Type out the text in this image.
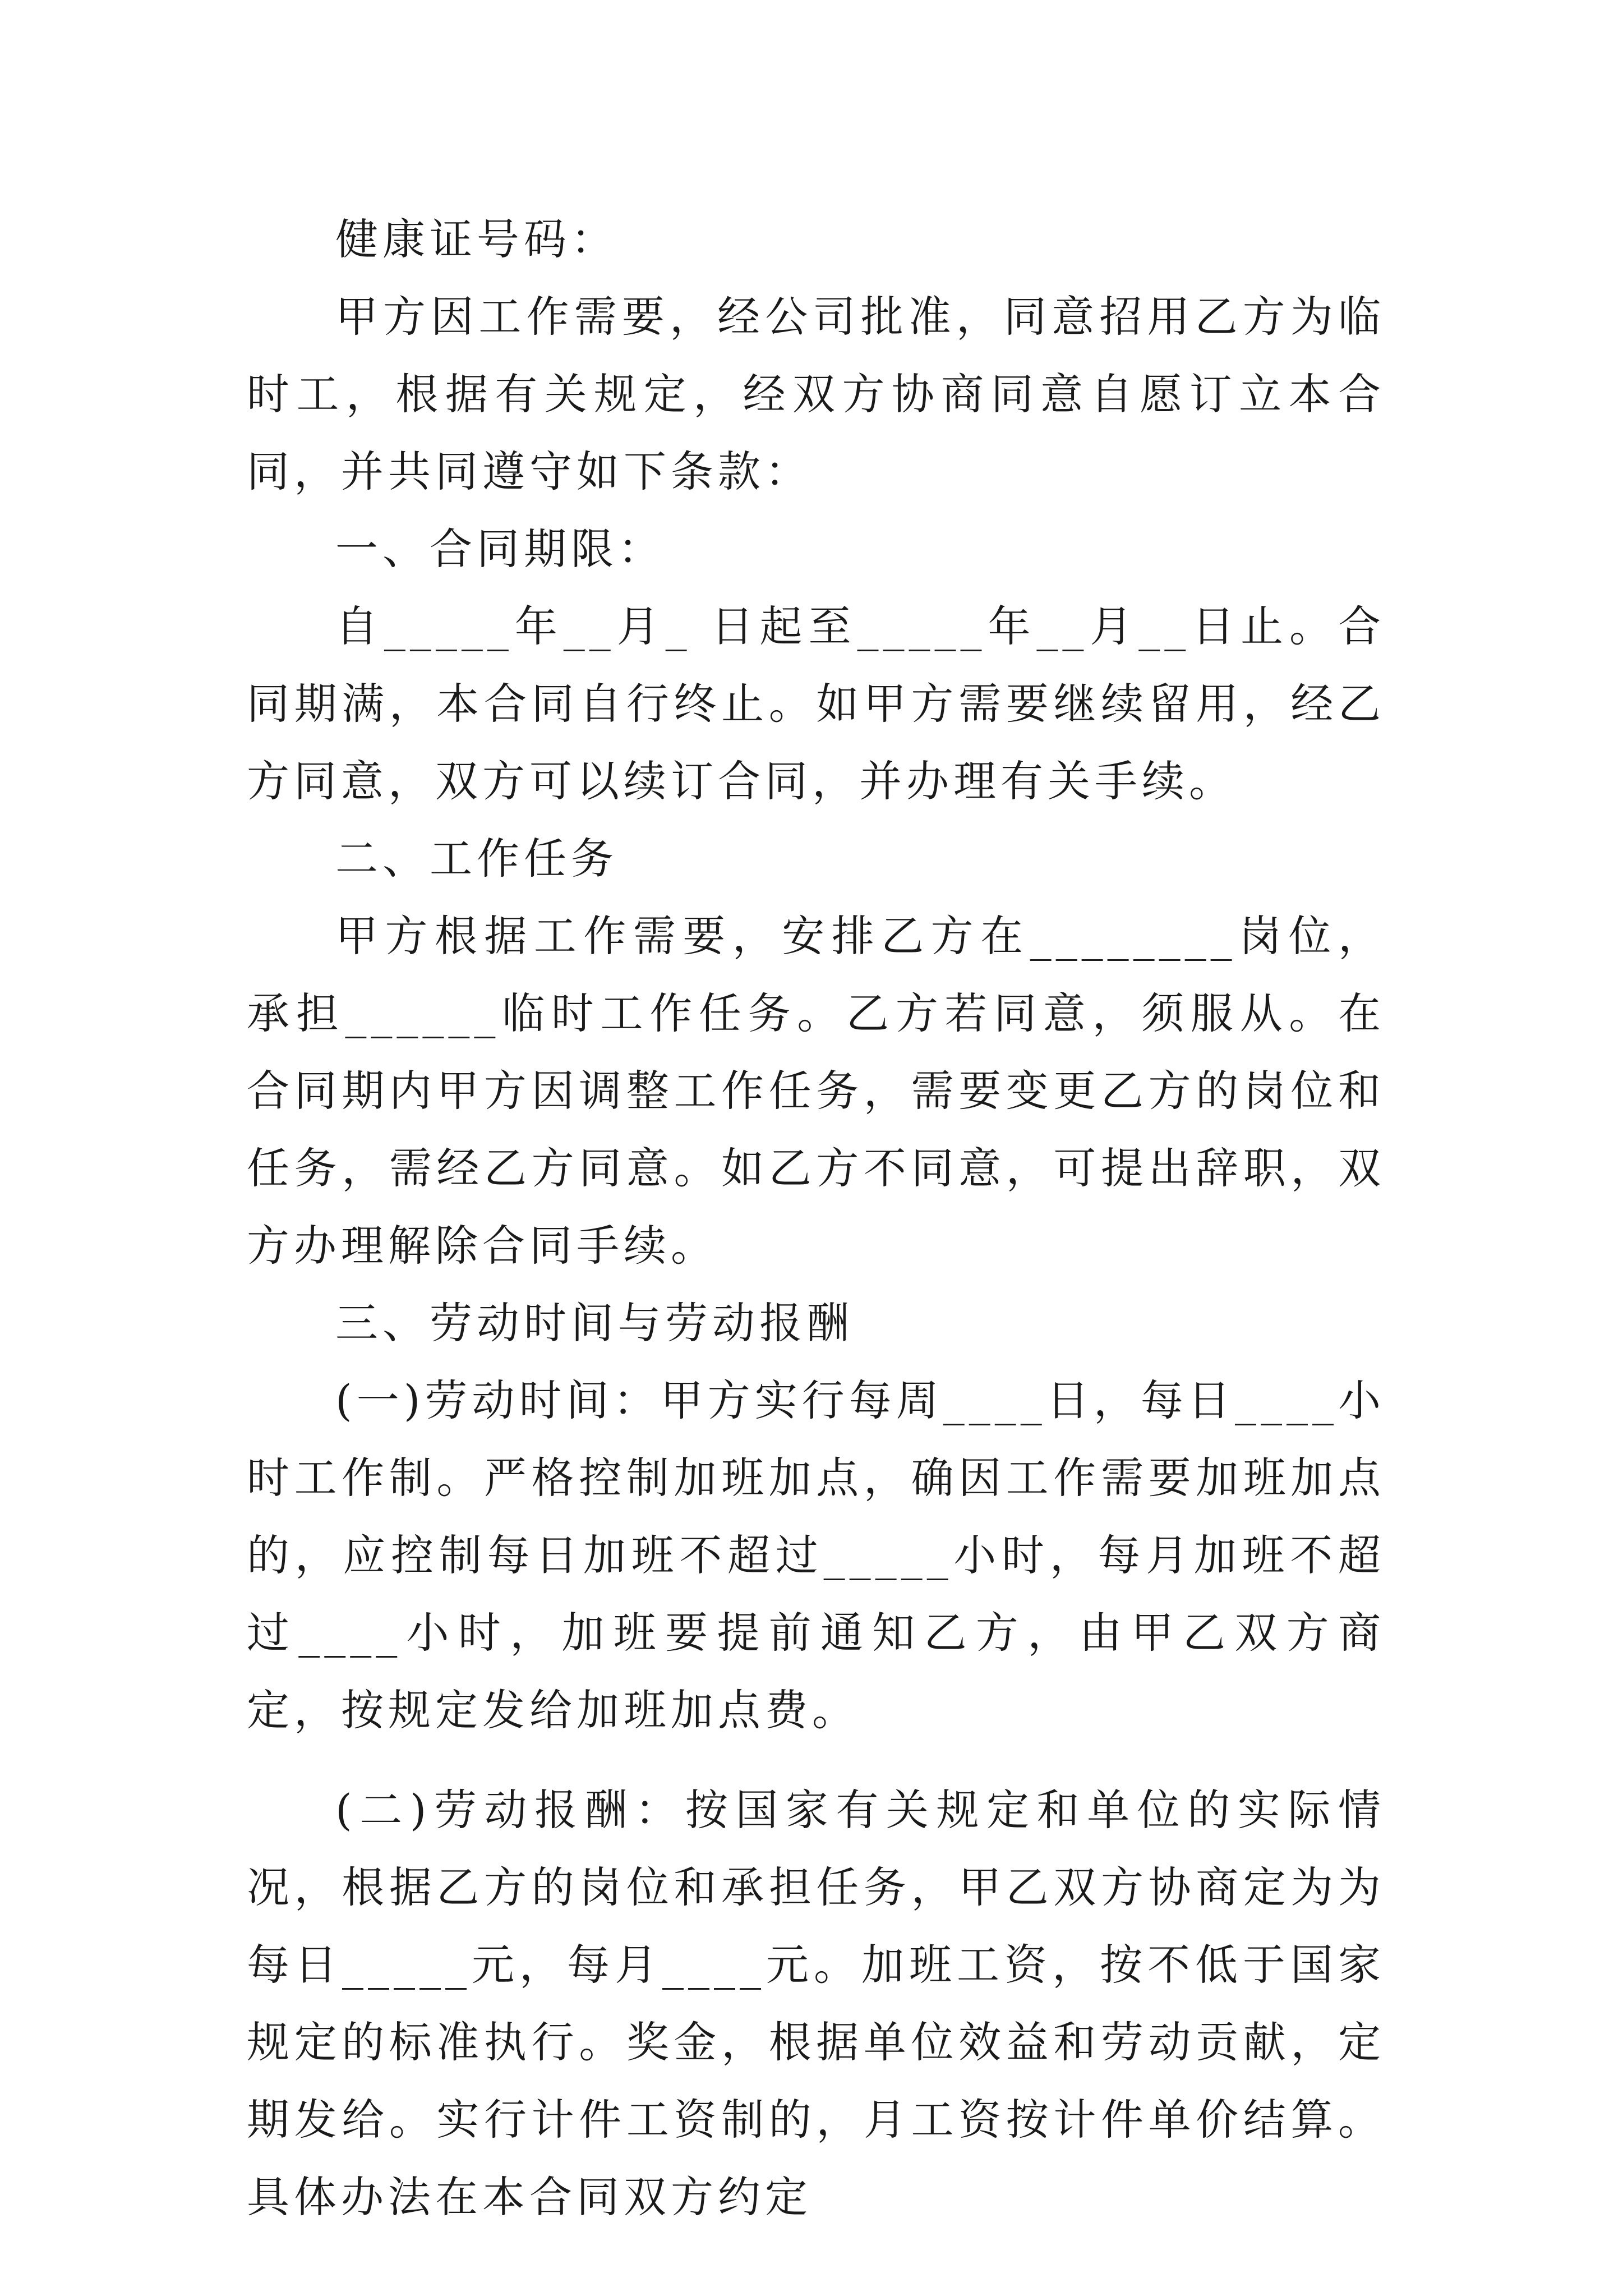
健康证号码：

甲方因工作需要，经公司批准，同意招用乙方为临时工，根据有关规定，经双方协商同意自愿订立本合同，并共同遵守如下条款：

一、合同期限：

自_____年__月_ 日起至_____年__月__日止。合同期满，本合同自行终止。如甲方需要继续留用，经乙方同意，双方可以续订合同，并办理有关手续。

二、工作任务

甲方根据工作需要，安排乙方在________岗位，承担______临时工作任务。乙方若同意，须服从。在合同期内甲方因调整工作任务，需要变更乙方的岗位和任务，需经乙方同意。如乙方不同意，可提出辞职，双方办理解除合同手续。

三、劳动时间与劳动报酬

(一)劳动时间：甲方实行每周____日，每日____小时工作制。严格控制加班加点，确因工作需要加班加点的，应控制每日加班不超过_____小时，每月加班不超过____小时，加班要提前通知乙方，由甲乙双方商定，按规定发给加班加点费。

(二)劳动报酬：按国家有关规定和单位的实际情况，根据乙方的岗位和承担任务，甲乙双方协商定为为每日_____元，每月____元。加班工资，按不低于国家规定的标准执行。奖金，根据单位效益和劳动贡献，定期发给。实行计件工资制的，月工资按计件单价结算。具体办法在本合同双方约定
